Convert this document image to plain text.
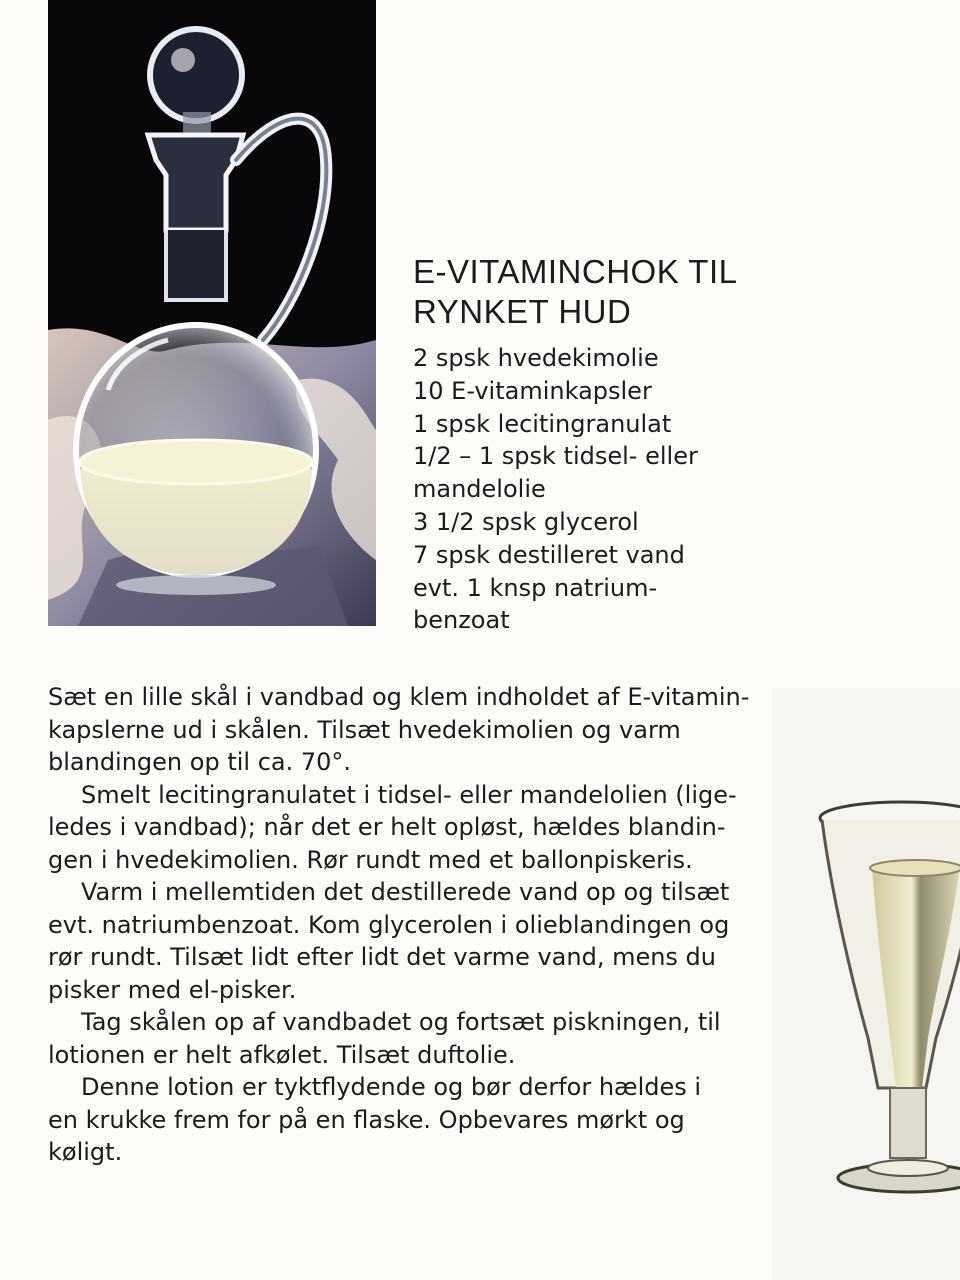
E-VITAMINCHOK TIL
RYNKET HUD
2 spsk hvedekimolie
10 E-vitaminkapsler
1 spsk lecitingranulat
1/2 – 1 spsk tidsel- eller
mandelolie
3 1/2 spsk glycerol
7 spsk destilleret vand
evt. 1 knsp natrium-
benzoat
Sæt en lille skål i vandbad og klem indholdet af E-vitamin-
kapslerne ud i skålen. Tilsæt hvedekimolien og varm
blandingen op til ca. 70°.
Smelt lecitingranulatet i tidsel- eller mandelolien (lige-
ledes i vandbad); når det er helt opløst, hældes blandin-
gen i hvedekimolien. Rør rundt med et ballonpiskeris.
Varm i mellemtiden det destillerede vand op og tilsæt
evt. natriumbenzoat. Kom glycerolen i olieblandingen og
rør rundt. Tilsæt lidt efter lidt det varme vand, mens du
pisker med el-pisker.
Tag skålen op af vandbadet og fortsæt piskningen, til
lotionen er helt afkølet. Tilsæt duftolie.
Denne lotion er tyktflydende og bør derfor hældes i
en krukke frem for på en flaske. Opbevares mørkt og
køligt.
